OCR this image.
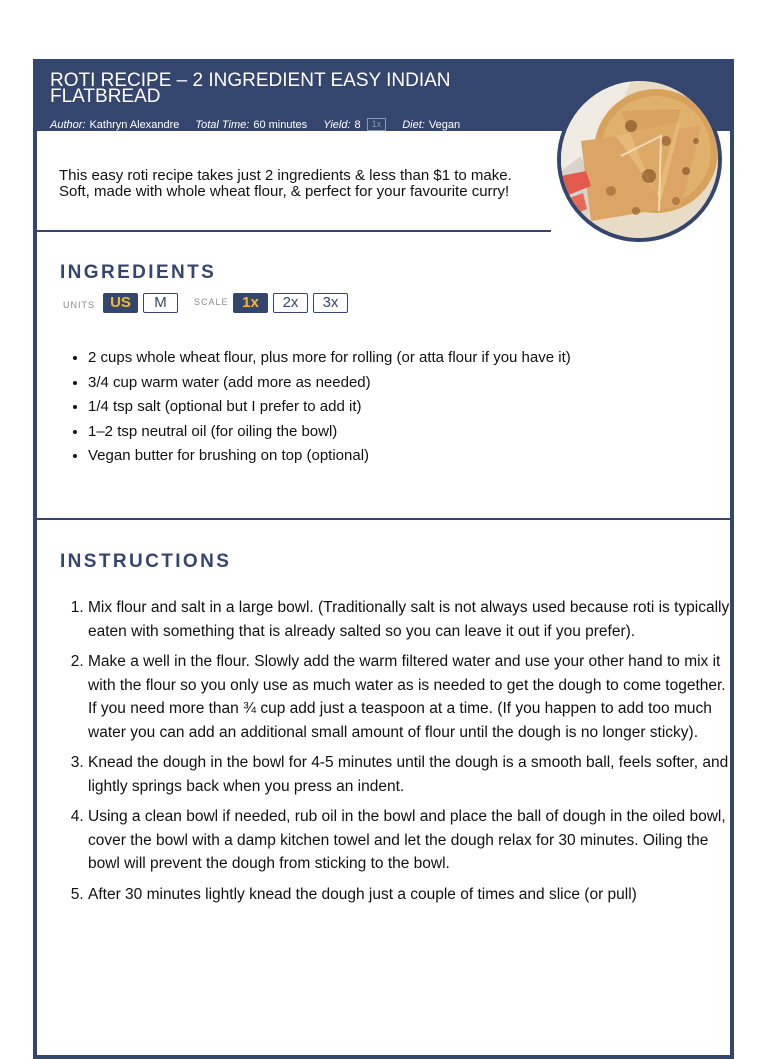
ROTI RECIPE – 2 INGREDIENT EASY INDIAN FLATBREAD
Author: Kathryn Alexandre Total Time: 60 minutes Yield: 8 1x Diet: Vegan
This easy roti recipe takes just 2 ingredients & less than $1 to make. Soft, made with whole wheat flour, & perfect for your favourite curry!
INGREDIENTS
UNITS	US	M	SCALE 1x	2x	3x
• 2 cups whole wheat flour, plus more for rolling (or atta flour if you have it)
• 3/4 cup warm water (add more as needed)
• 1/4 tsp salt (optional but I prefer to add it)
• 1–2 tsp neutral oil (for oiling the bowl)
• Vegan butter for brushing on top (optional)
INSTRUCTIONS
1. Mix flour and salt in a large bowl. (Traditionally salt is not always used because roti is typically eaten with something that is already salted so you can leave it out if you prefer).
2. Make a well in the flour. Slowly add the warm filtered water and use your other hand to mix it with the flour so you only use as much water as is needed to get the dough to come together. If you need more than ¾ cup add just a teaspoon at a time. (If you happen to add too much water you can add an additional small amount of flour until the dough is no longer sticky).
3. Knead the dough in the bowl for 4-5 minutes until the dough is a smooth ball, feels softer, and lightly springs back when you press an indent.
4. Using a clean bowl if needed, rub oil in the bowl and place the ball of dough in the oiled bowl, cover the bowl with a damp kitchen towel and let the dough relax for 30 minutes. Oiling the bowl will prevent the dough from sticking to the bowl.
5. After 30 minutes lightly knead the dough just a couple of times and slice (or pull)
